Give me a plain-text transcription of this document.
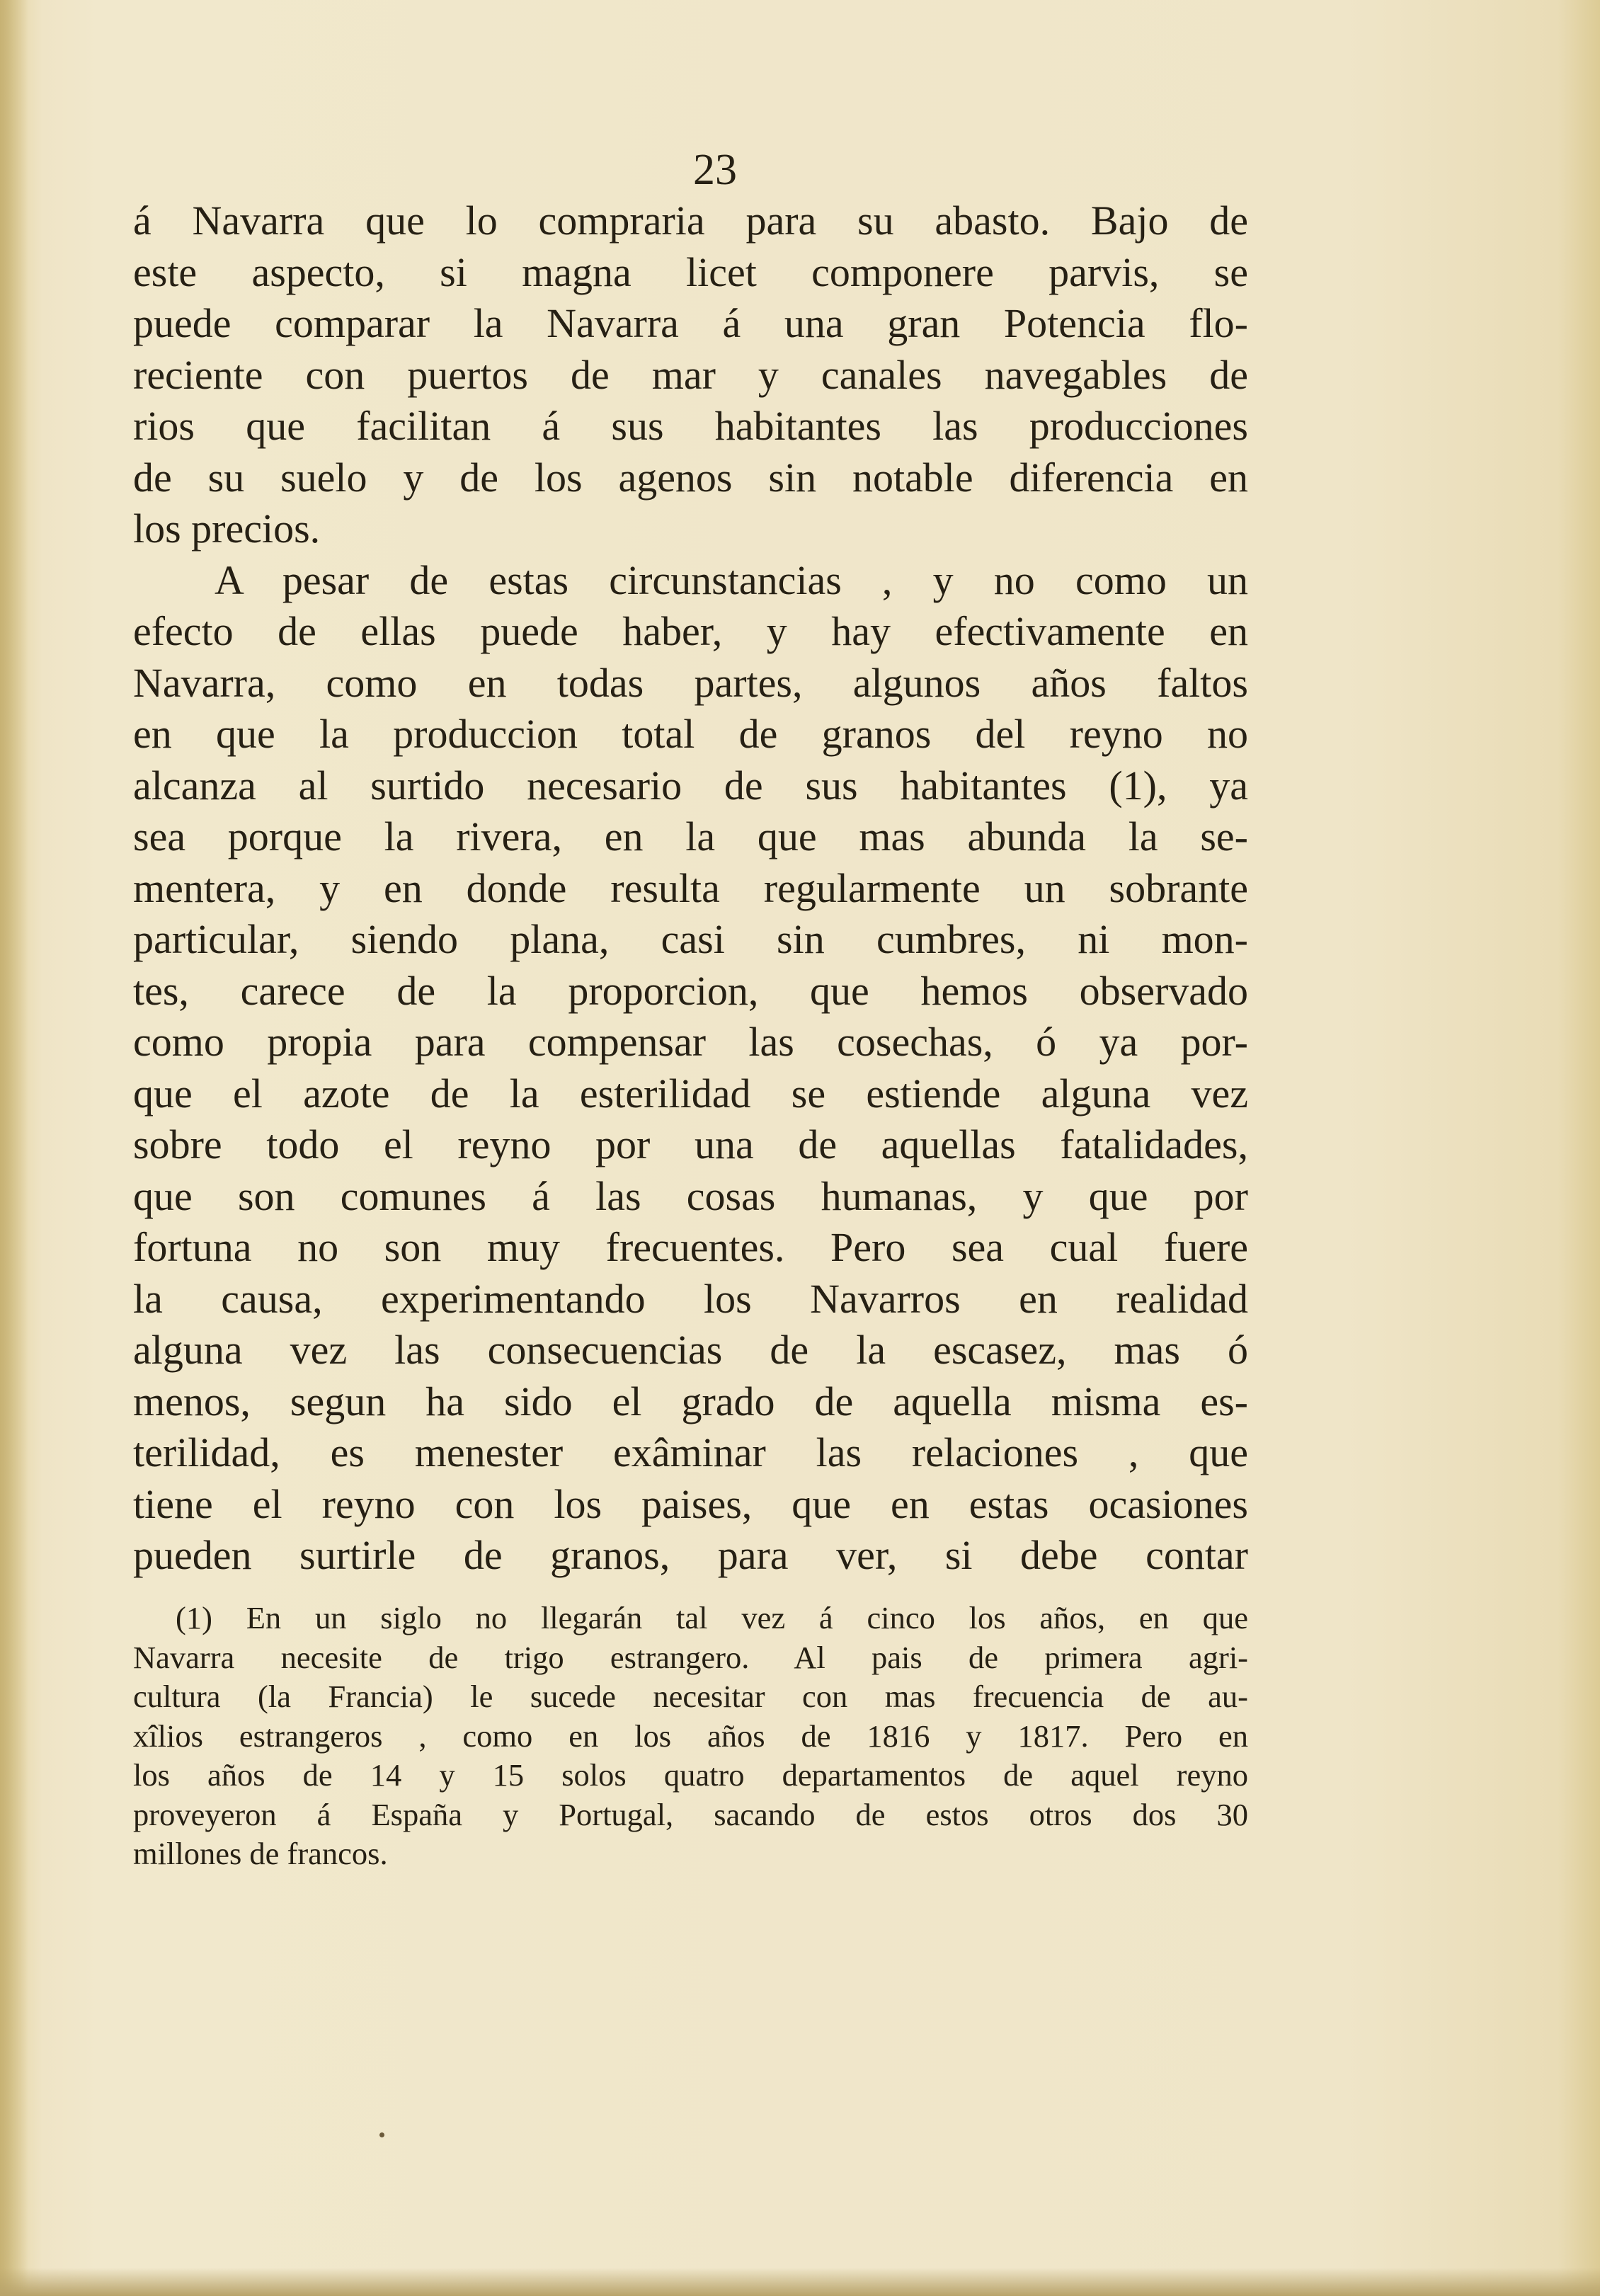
23
á Navarra que lo compraria para su abasto. Bajo de
este aspecto, si magna licet componere parvis, se
puede comparar la Navarra á una gran Potencia flo-
reciente con puertos de mar y canales navegables de
rios que facilitan á sus habitantes las producciones
de su suelo y de los agenos sin notable diferencia en
los precios.
A pesar de estas circunstancias , y no como un
efecto de ellas puede haber, y hay efectivamente en
Navarra, como en todas partes, algunos años faltos
en que la produccion total de granos del reyno no
alcanza al surtido necesario de sus habitantes (1), ya
sea porque la rivera, en la que mas abunda la se-
mentera, y en donde resulta regularmente un sobrante
particular, siendo plana, casi sin cumbres, ni mon-
tes, carece de la proporcion, que hemos observado
como propia para compensar las cosechas, ó ya por-
que el azote de la esterilidad se estiende alguna vez
sobre todo el reyno por una de aquellas fatalidades,
que son comunes á las cosas humanas, y que por
fortuna no son muy frecuentes. Pero sea cual fuere
la causa, experimentando los Navarros en realidad
alguna vez las consecuencias de la escasez, mas ó
menos, segun ha sido el grado de aquella misma es-
terilidad, es menester exâminar las relaciones , que
tiene el reyno con los paises, que en estas ocasiones
pueden surtirle de granos, para ver, si debe contar
(1) En un siglo no llegarán tal vez á cinco los años, en que
Navarra necesite de trigo estrangero. Al pais de primera agri-
cultura (la Francia) le sucede necesitar con mas frecuencia de au-
xîlios estrangeros , como en los años de 1816 y 1817. Pero en
los años de 14 y 15 solos quatro departamentos de aquel reyno
proveyeron á España y Portugal, sacando de estos otros dos 30
millones de francos.
